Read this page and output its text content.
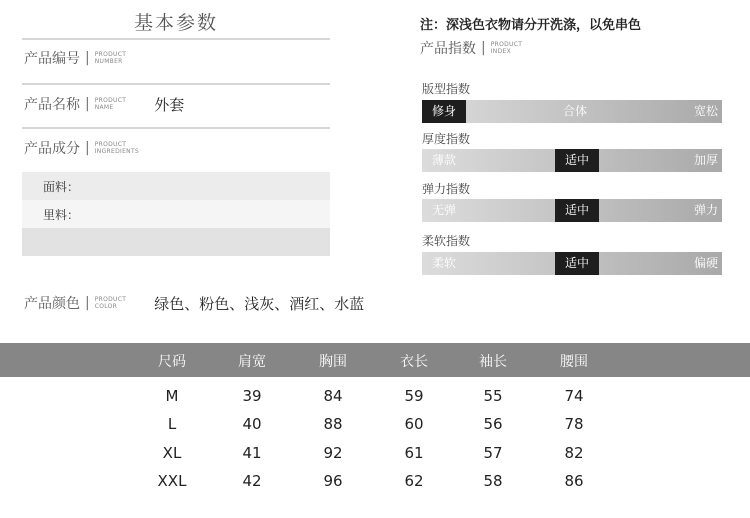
基本参数
产品编号 | PRODUCT
NUMBER
产品名称 | PRODUCT
NAME	外套
产品成分 | PRODUCT
INGREDIENTS
面料：
里料：
产品颜色 | PRODUCT
COLOR	绿色、粉色、浅灰、酒红、水蓝
注：深浅色衣物请分开洗涤，以免串色
产品指数 | PRODUCT
INDEX
版型指数
修身	合体	宽松
厚度指数
薄款	适中	加厚
弹力指数
无弹	适中	弹力
柔软指数
柔软	适中	偏硬
尺码	肩宽	胸围	衣长	袖长	腰围
M	39	84	59	55	74
L	40	88	60	56	78
XL	41	92	61	57	82
XXL	42	96	62	58	86
